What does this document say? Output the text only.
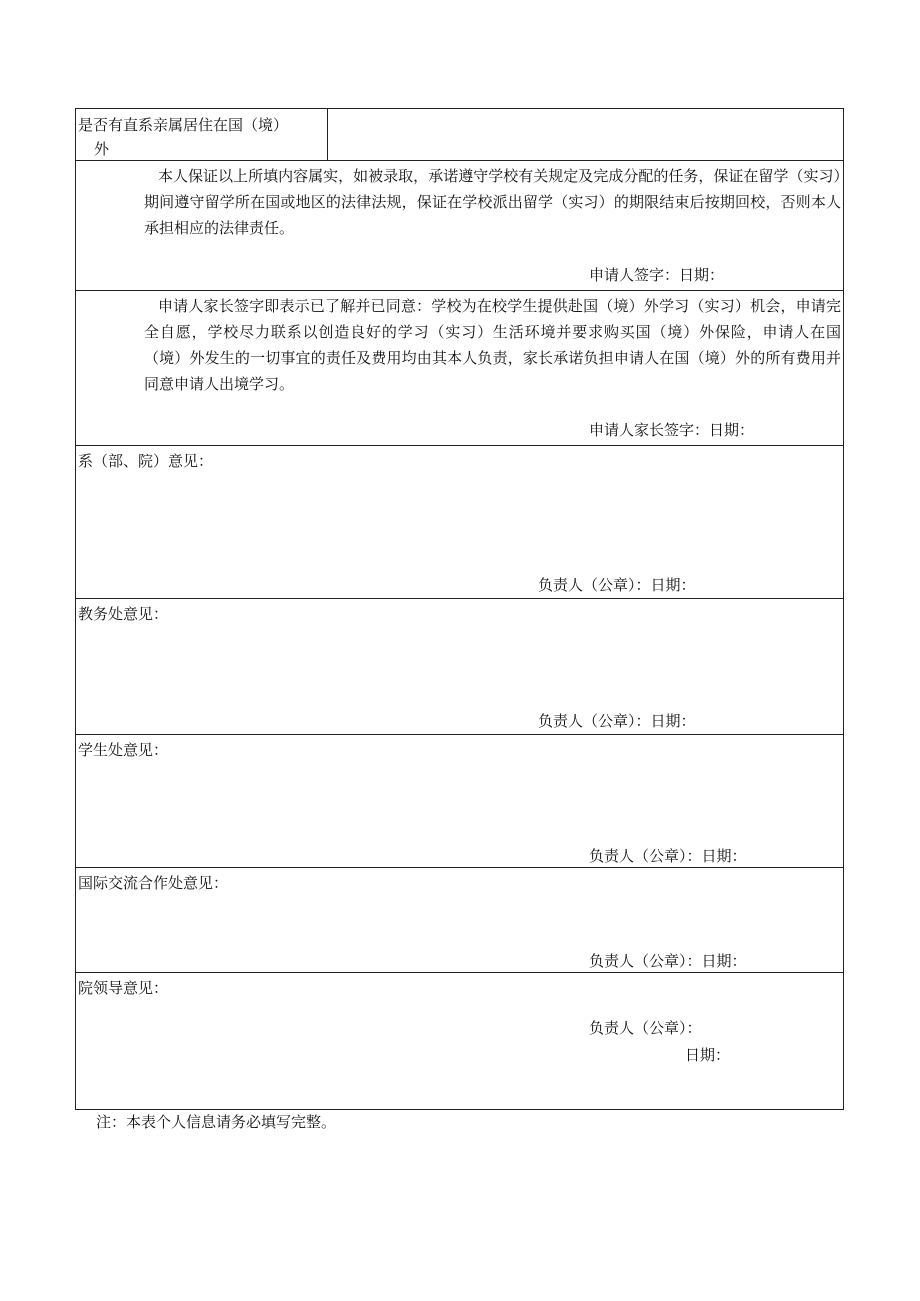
是否有直系亲属居住在国（境）
外
本人保证以上所填内容属实，如被录取，承诺遵守学校有关规定及完成分配的任务，保证在留学（实习）期间遵守留学所在国或地区的法律法规，保证在学校派出留学（实习）的期限结束后按期回校，否则本人承担相应的法律责任。
申请人签字：日期：
申请人家长签字即表示已了解并已同意：学校为在校学生提供赴国（境）外学习（实习）机会，申请完全自愿，学校尽力联系以创造良好的学习（实习）生活环境并要求购买国（境）外保险，申请人在国（境）外发生的一切事宜的责任及费用均由其本人负责，家长承诺负担申请人在国（境）外的所有费用并同意申请人出境学习。
申请人家长签字：日期：
系（部、院）意见：
负责人（公章）：日期：
教务处意见：
负责人（公章）：日期：
学生处意见：
负责人（公章）：日期：
国际交流合作处意见：
负责人（公章）：日期：
院领导意见：
负责人（公章）：
日期：
注：本表个人信息请务必填写完整。
